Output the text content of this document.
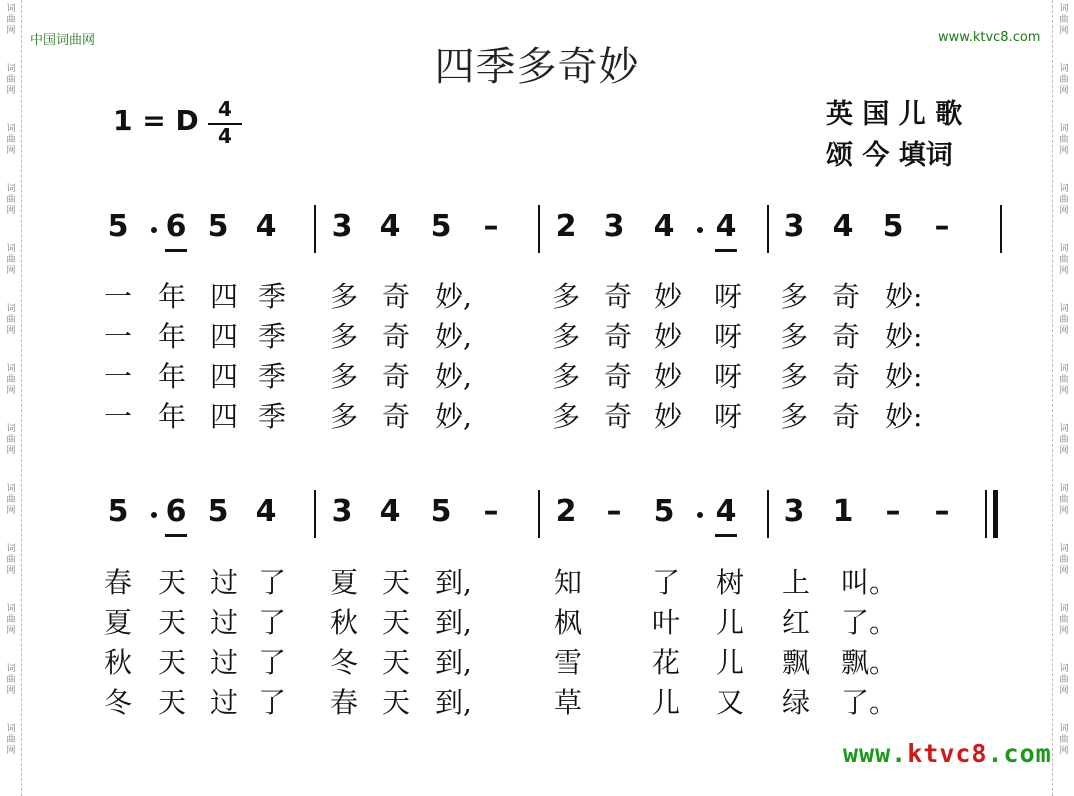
词
曲
网
词
曲
网
词
曲
网
词
曲
网
词
曲
网
词
曲
网
词
曲
网
词
曲
网
词
曲
网
词
曲
网
词
曲
网
词
曲
网
词
曲
网
词
曲
网
词
曲
网
词
曲
网
词
曲
网
词
曲
网
词
曲
网
词
曲
网
词
曲
网
词
曲
网
词
曲
网
词
曲
网
词
曲
网
词
曲
网
中国词曲网	www.ktvc8.com
四季多奇妙
1 = D 4
4
英 国 儿 歌
颂 今 填词
5 6 5 4 3 4 5 – 2 3 4 4 3 4 5 –
一 年 四 季 多 奇 妙,	多 奇 妙 呀 多 奇 妙:
一 年 四 季 多 奇 妙,	多 奇 妙 呀 多 奇 妙:
一 年 四 季 多 奇 妙,	多 奇 妙 呀 多 奇 妙:
一 年 四 季 多 奇 妙,	多 奇 妙 呀 多 奇 妙:
5 6 5 4 3 4 5 – 2 – 5 4 3 1 – –
春 天 过 了 夏 天 到,	知 了 树 上 叫。
夏 天 过 了 秋 天 到,	枫 叶 儿 红 了。
秋 天 过 了 冬 天 到,	雪 花 儿 飘 飘。
冬 天 过 了 春 天 到,	草 儿 又 绿 了。
www.ktvc8.com
